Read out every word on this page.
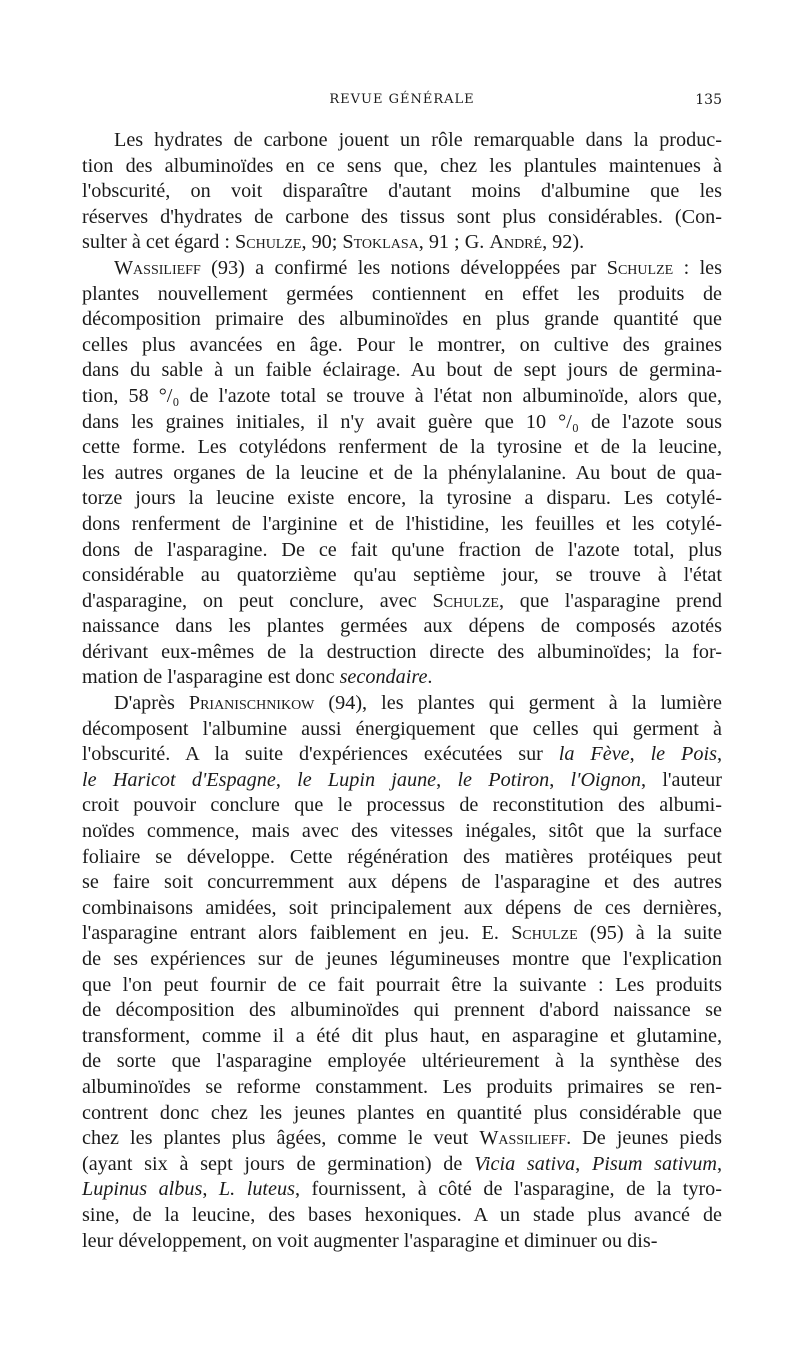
REVUE GÉNÉRALE	135
Les hydrates de carbone jouent un rôle remarquable dans la produc-
tion des albuminoïdes en ce sens que, chez les plantules maintenues à
l'obscurité, on voit disparaître d'autant moins d'albumine que les
réserves d'hydrates de carbone des tissus sont plus considérables. (Con-
sulter à cet égard : Schulze, 90; Stoklasa, 91 ; G. André, 92).
Wassilieff (93) a confirmé les notions développées par Schulze : les
plantes nouvellement germées contiennent en effet les produits de
décomposition primaire des albuminoïdes en plus grande quantité que
celles plus avancées en âge. Pour le montrer, on cultive des graines
dans du sable à un faible éclairage. Au bout de sept jours de germina-
tion, 58 °/₀ de l'azote total se trouve à l'état non albuminoïde, alors que,
dans les graines initiales, il n'y avait guère que 10 °/₀ de l'azote sous
cette forme. Les cotylédons renferment de la tyrosine et de la leucine,
les autres organes de la leucine et de la phénylalanine. Au bout de qua-
torze jours la leucine existe encore, la tyrosine a disparu. Les cotylé-
dons renferment de l'arginine et de l'histidine, les feuilles et les cotylé-
dons de l'asparagine. De ce fait qu'une fraction de l'azote total, plus
considérable au quatorzième qu'au septième jour, se trouve à l'état
d'asparagine, on peut conclure, avec Schulze, que l'asparagine prend
naissance dans les plantes germées aux dépens de composés azotés
dérivant eux-mêmes de la destruction directe des albuminoïdes; la for-
mation de l'asparagine est donc secondaire.
D'après Prianischnikow (94), les plantes qui germent à la lumière
décomposent l'albumine aussi énergiquement que celles qui germent à
l'obscurité. A la suite d'expériences exécutées sur la Fève, le Pois,
le Haricot d'Espagne, le Lupin jaune, le Potiron, l'Oignon, l'auteur
croit pouvoir conclure que le processus de reconstitution des albumi-
noïdes commence, mais avec des vitesses inégales, sitôt que la surface
foliaire se développe. Cette régénération des matières protéiques peut
se faire soit concurremment aux dépens de l'asparagine et des autres
combinaisons amidées, soit principalement aux dépens de ces dernières,
l'asparagine entrant alors faiblement en jeu. E. Schulze (95) à la suite
de ses expériences sur de jeunes légumineuses montre que l'explication
que l'on peut fournir de ce fait pourrait être la suivante : Les produits
de décomposition des albuminoïdes qui prennent d'abord naissance se
transforment, comme il a été dit plus haut, en asparagine et glutamine,
de sorte que l'asparagine employée ultérieurement à la synthèse des
albuminoïdes se reforme constamment. Les produits primaires se ren-
contrent donc chez les jeunes plantes en quantité plus considérable que
chez les plantes plus âgées, comme le veut Wassilieff. De jeunes pieds
(ayant six à sept jours de germination) de Vicia sativa, Pisum sativum,
Lupinus albus, L. luteus, fournissent, à côté de l'asparagine, de la tyro-
sine, de la leucine, des bases hexoniques. A un stade plus avancé de
leur développement, on voit augmenter l'asparagine et diminuer ou dis-
